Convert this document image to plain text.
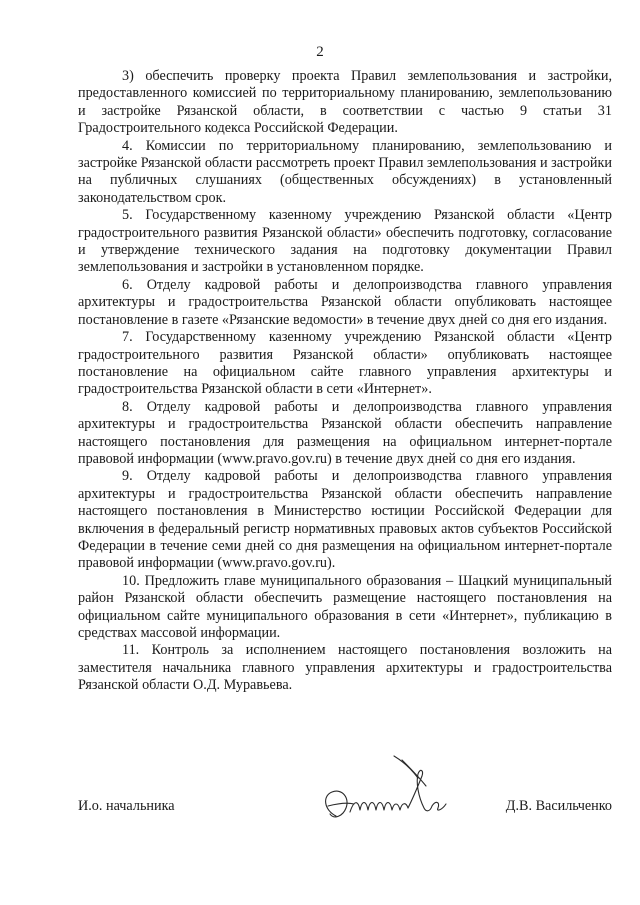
2

3) обеспечить проверку проекта Правил землепользования и застройки, предоставленного комиссией по территориальному планированию, землепользованию и застройке Рязанской области, в соответствии с частью 9 статьи 31 Градостроительного кодекса Российской Федерации.

4. Комиссии по территориальному планированию, землепользованию и застройке Рязанской области рассмотреть проект Правил землепользования и застройки на публичных слушаниях (общественных обсуждениях) в установленный законодательством срок.

5. Государственному казенному учреждению Рязанской области «Центр градостроительного развития Рязанской области» обеспечить подготовку, согласование и утверждение технического задания на подготовку документации Правил землепользования и застройки в установленном порядке.

6. Отделу кадровой работы и делопроизводства главного управления архитектуры и градостроительства Рязанской области опубликовать настоящее постановление в газете «Рязанские ведомости» в течение двух дней со дня его издания.

7. Государственному казенному учреждению Рязанской области «Центр градостроительного развития Рязанской области» опубликовать настоящее постановление на официальном сайте главного управления архитектуры и градостроительства Рязанской области в сети «Интернет».

8. Отделу кадровой работы и делопроизводства главного управления архитектуры и градостроительства Рязанской области обеспечить направление настоящего постановления для размещения на официальном интернет-портале правовой информации (www.pravo.gov.ru) в течение двух дней со дня его издания.

9. Отделу кадровой работы и делопроизводства главного управления архитектуры и градостроительства Рязанской области обеспечить направление настоящего постановления в Министерство юстиции Российской Федерации для включения в федеральный регистр нормативных правовых актов субъектов Российской Федерации в течение семи дней со дня размещения на официальном интернет-портале правовой информации (www.pravo.gov.ru).

10. Предложить главе муниципального образования – Шацкий муниципальный район Рязанской области обеспечить размещение настоящего постановления на официальном сайте муниципального образования в сети «Интернет», публикацию в средствах массовой информации.

11. Контроль за исполнением настоящего постановления возложить на заместителя начальника главного управления архитектуры и градостроительства Рязанской области О.Д. Муравьева.

И.о. начальника	Д.В. Васильченко
